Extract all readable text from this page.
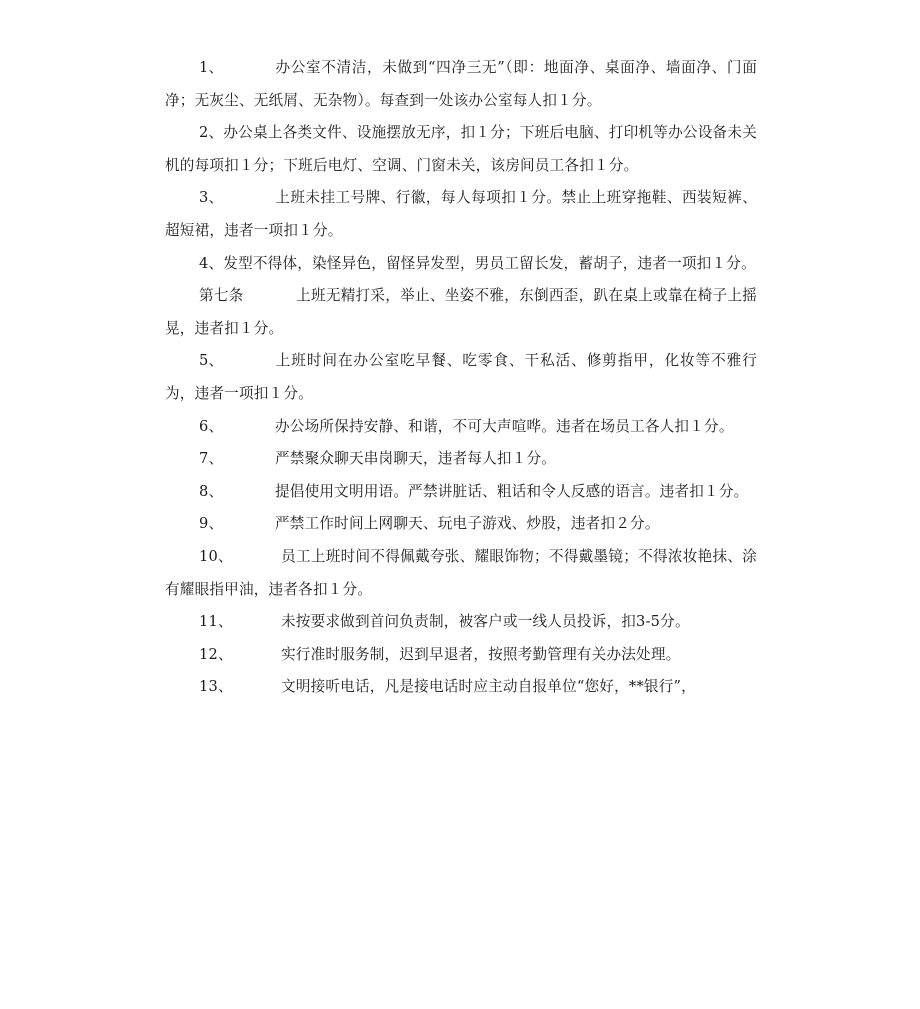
1、	办公室不清洁，未做到“四净三无”（即：地面净、桌面净、墙面净、门面净；无灰尘、无纸屑、无杂物）。每查到一处该办公室每人扣１分。

2、办公桌上各类文件、设施摆放无序，扣１分；下班后电脑、打印机等办公设备未关机的每项扣１分；下班后电灯、空调、门窗未关，该房间员工各扣１分。

3、	上班未挂工号牌、行徽，每人每项扣１分。禁止上班穿拖鞋、西装短裤、超短裙，违者一项扣１分。

4、发型不得体，染怪异色，留怪异发型，男员工留长发，蓄胡子，违者一项扣１分。

第七条	上班无精打采，举止、坐姿不雅，东倒西歪，趴在桌上或靠在椅子上摇晃，违者扣１分。

5、	上班时间在办公室吃早餐、吃零食、干私活、修剪指甲，化妆等不雅行为，违者一项扣１分。

6、	办公场所保持安静、和谐，不可大声喧哗。违者在场员工各人扣１分。

7、	严禁聚众聊天串岗聊天，违者每人扣１分。

8、	提倡使用文明用语。严禁讲脏话、粗话和令人反感的语言。违者扣１分。

9、	严禁工作时间上网聊天、玩电子游戏、炒股，违者扣２分。

10、	员工上班时间不得佩戴夸张、耀眼饰物；不得戴墨镜；不得浓妆艳抹、涂有耀眼指甲油，违者各扣１分。

11、	未按要求做到首问负责制，被客户或一线人员投诉，扣3-5分。

12、	实行准时服务制，迟到早退者，按照考勤管理有关办法处理。

13、	文明接听电话，凡是接电话时应主动自报单位“您好，**银行”，
